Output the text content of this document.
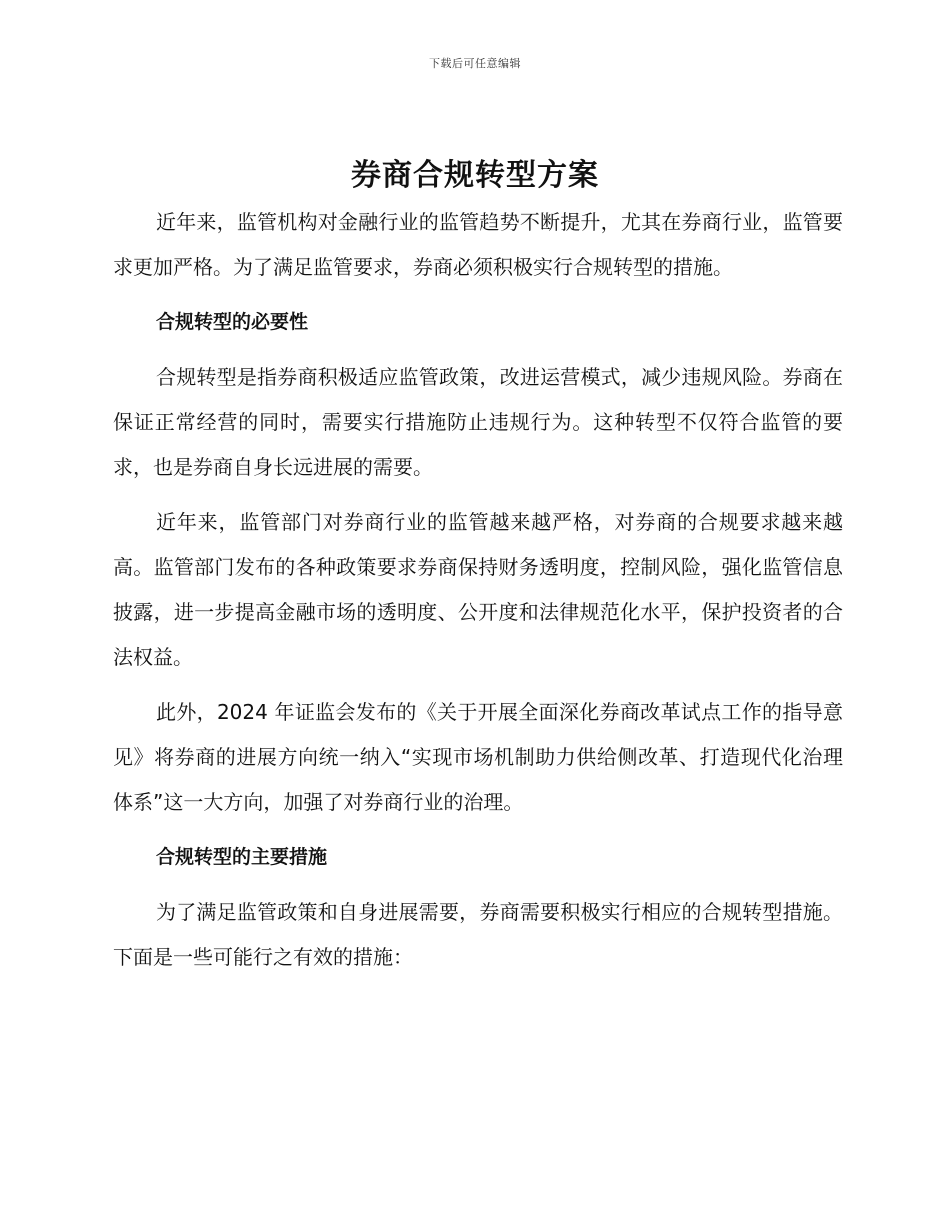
下载后可任意编辑
券商合规转型方案

近年来，监管机构对金融行业的监管趋势不断提升，尤其在券商行业，监管要求更加严格。为了满足监管要求，券商必须积极实行合规转型的措施。

合规转型的必要性

合规转型是指券商积极适应监管政策，改进运营模式，减少违规风险。券商在保证正常经营的同时，需要实行措施防止违规行为。这种转型不仅符合监管的要求，也是券商自身长远进展的需要。

近年来，监管部门对券商行业的监管越来越严格，对券商的合规要求越来越高。监管部门发布的各种政策要求券商保持财务透明度，控制风险，强化监管信息披露，进一步提高金融市场的透明度、公开度和法律规范化水平，保护投资者的合法权益。

此外，2024 年证监会发布的《关于开展全面深化券商改革试点工作的指导意见》将券商的进展方向统一纳入“实现市场机制助力供给侧改革、打造现代化治理体系”这一大方向，加强了对券商行业的治理。

合规转型的主要措施

为了满足监管政策和自身进展需要，券商需要积极实行相应的合规转型措施。下面是一些可能行之有效的措施：
